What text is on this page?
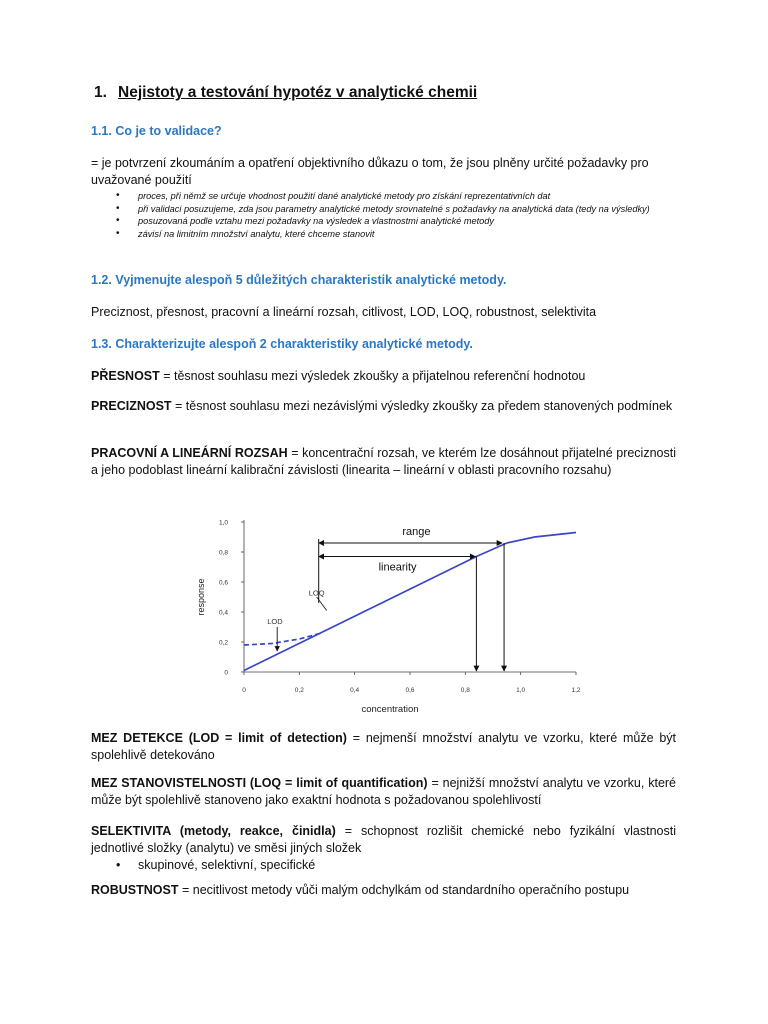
1. Nejistoty a testování hypotéz v analytické chemii
1.1. Co je to validace?
= je potvrzení zkoumáním a opatření objektivního důkazu o tom, že jsou plněny určité požadavky pro uvažované použití
• proces, při němž se určuje vhodnost použití dané analytické metody pro získání reprezentativních dat
• při validaci posuzujeme, zda jsou parametry analytické metody srovnatelné s požadavky na analytická data (tedy na výsledky)
• posuzovaná podle vztahu mezi požadavky na výsledek a vlastnostmi analytické metody
• závisí na limitním množství analytu, které chceme stanovit
1.2. Vyjmenujte alespoň 5 důležitých charakteristik analytické metody.
Preciznost, přesnost, pracovní a lineární rozsah, citlivost, LOD, LOQ, robustnost, selektivita
1.3. Charakterizujte alespoň 2 charakteristiky analytické metody.
PŘESNOST = těsnost souhlasu mezi výsledek zkoušky a přijatelnou referenční hodnotou
PRECIZNOST = těsnost souhlasu mezi nezávislými výsledky zkoušky za předem stanovených podmínek
PRACOVNÍ A LINEÁRNÍ ROZSAH = koncentrační rozsah, ve kterém lze dosáhnout přijatelné preciznosti a jeho podoblast lineární kalibrační závislosti (linearita – lineární v oblasti pracovního rozsahu)
0
0,2
0,4
0,6
0,8
1,0
0	0,2	0,4	0,6	0,8	1,0	1,2
concentration
response
range
linearity
LOQ
LOD
MEZ DETEKCE (LOD = limit of detection) = nejmenší množství analytu ve vzorku, které může být spolehlivě detekováno
MEZ STANOVISTELNOSTI (LOQ = limit of quantification) = nejnižší množství analytu ve vzorku, které může být spolehlivě stanoveno jako exaktní hodnota s požadovanou spolehlivostí
SELEKTIVITA (metody, reakce, činidla) = schopnost rozlišit chemické nebo fyzikální vlastnosti jednotlivé složky (analytu) ve směsi jiných složek
• skupinové, selektivní, specifické
ROBUSTNOST = necitlivost metody vůči malým odchylkám od standardního operačního postupu
